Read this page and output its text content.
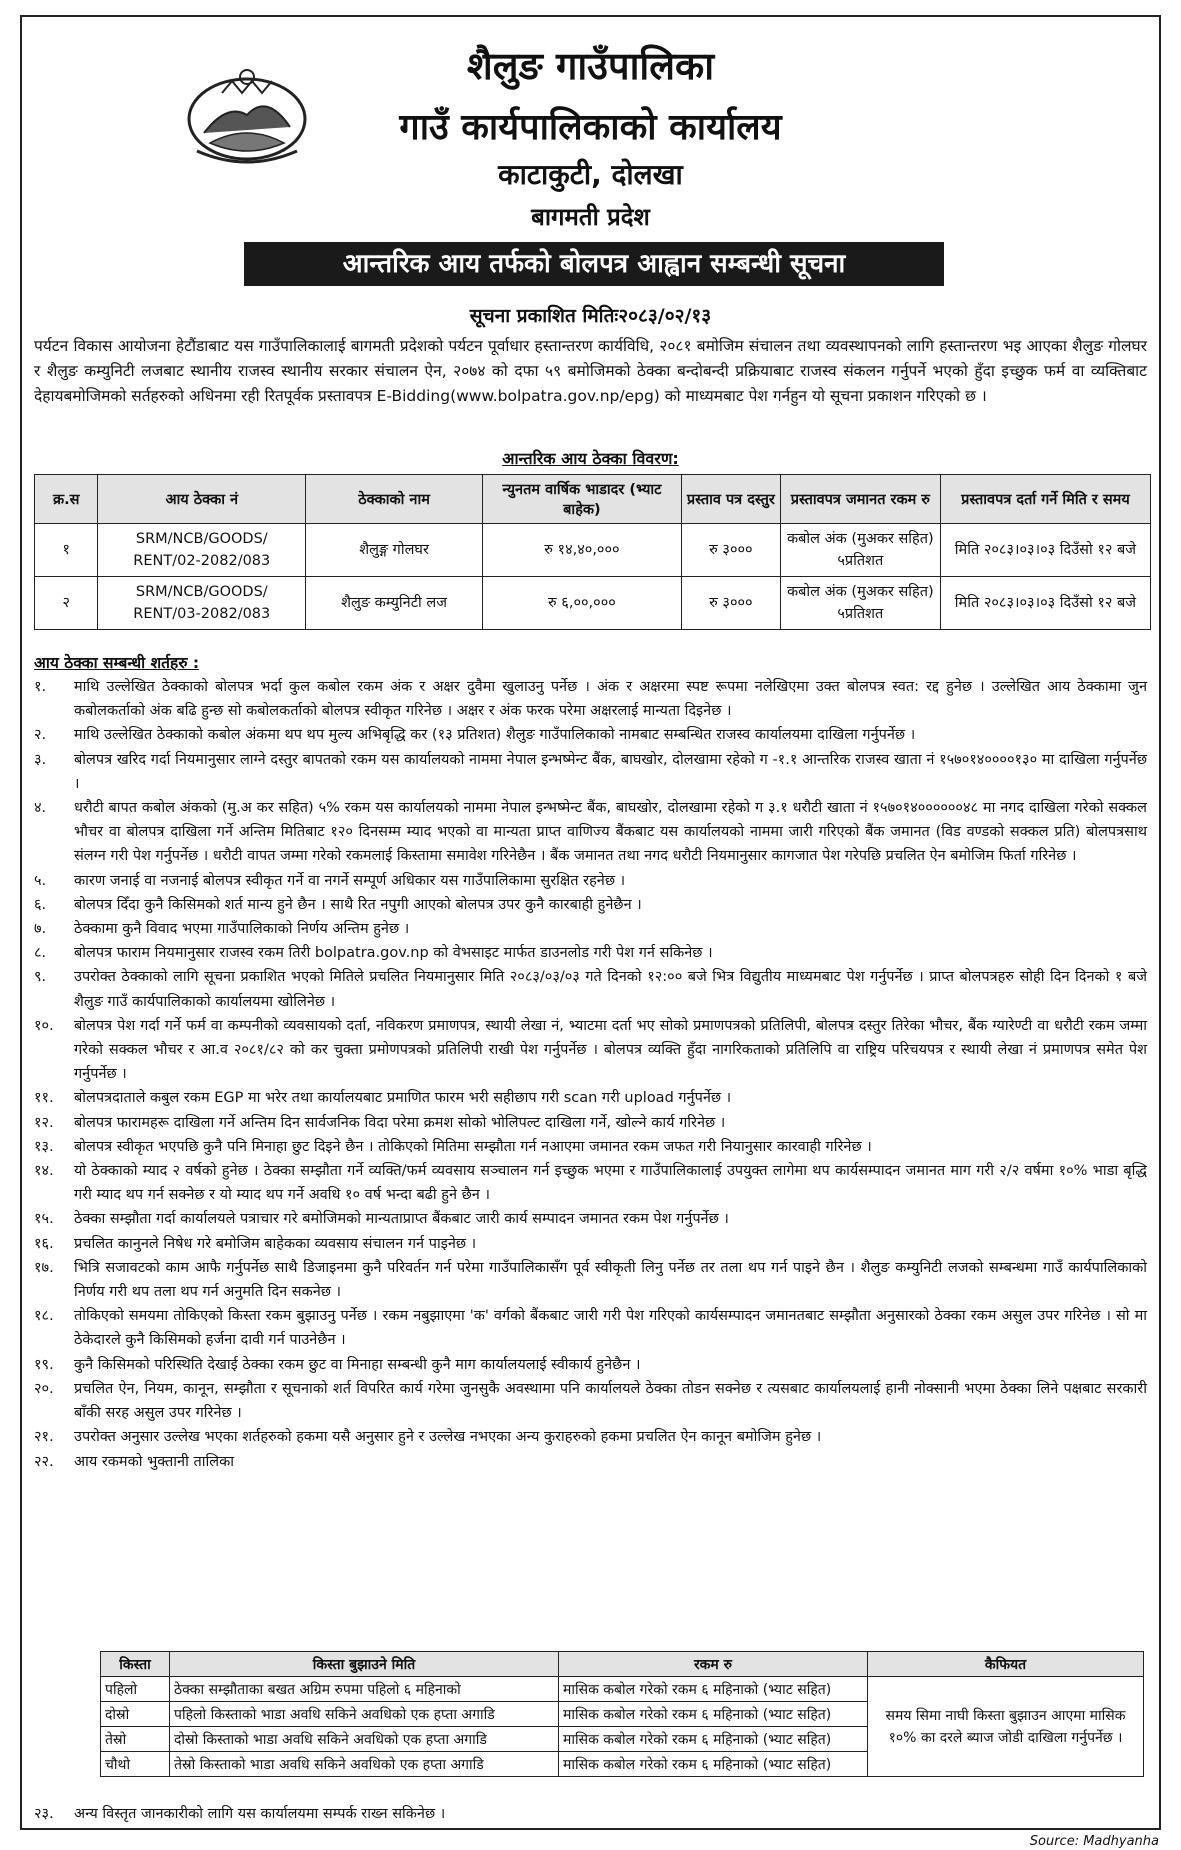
शैलुङ गाउँपालिका
गाउँ कार्यपालिकाको कार्यालय
काटाकुटी, दोलखा
बागमती प्रदेश
आन्तरिक आय तर्फको बोलपत्र आह्वान सम्बन्धी सूचना
सूचना प्रकाशित मितिः२०८३/०२/१३
पर्यटन विकास आयोजना हेटौंडाबाट यस गाउँपालिकालाई बागमती प्रदेशको पर्यटन पूर्वाधार हस्तान्तरण कार्यविधि, २०८१ बमोजिम संचालन तथा व्यवस्थापनको लागि हस्तान्तरण भइ आएका शैलुङ गोलघर र शैलुङ कम्युनिटी लजबाट स्थानीय राजस्व स्थानीय सरकार संचालन ऐन, २०७४ को दफा ५९ बमोजिमको ठेक्का बन्दोबन्दी प्रक्रियाबाट राजस्व संकलन गर्नुपर्ने भएको हुँदा इच्छुक फर्म वा व्यक्तिबाट देहायबमोजिमको सर्तहरुको अधिनमा रही रितपूर्वक प्रस्तावपत्र E-Bidding(www.bolpatra.gov.np/epg) को माध्यमबाट पेश गर्नहुन यो सूचना प्रकाशन गरिएको छ ।
आन्तरिक आय ठेक्का विवरण:
क्र.स	आय ठेक्का नं	ठेक्काको नाम	न्युनतम वार्षिक भाडादर (भ्याट बाहेक)	प्रस्ताव पत्र दस्तुर	प्रस्तावपत्र जमानत रकम रु	प्रस्तावपत्र दर्ता गर्ने मिति र समय
१	SRM/NCB/GOODS/ RENT/02-2082/083	शैलुङ्ग गोलघर	रु १४,४०,०००	रु ३०००	कबोल अंक (मुअकर सहित) ५प्रतिशत	मिति २०८३।०३।०३ दिउँसो १२ बजे
२	SRM/NCB/GOODS/ RENT/03-2082/083	शैलुङ कम्युनिटी लज	रु ६,००,०००	रु ३०००	कबोल अंक (मुअकर सहित) ५प्रतिशत	मिति २०८३।०३।०३ दिउँसो १२ बजे
आय ठेक्का सम्बन्धी शर्तहरु :
१.	माथि उल्लेखित ठेक्काको बोलपत्र भर्दा कुल कबोल रकम अंक र अक्षर दुवैमा खुलाउनु पर्नेछ । अंक र अक्षरमा स्पष्ट रूपमा नलेखिएमा उक्त बोलपत्र स्वत: रद्द हुनेछ । उल्लेखित आय ठेक्कामा जुन कबोलकर्ताको अंक बढि हुन्छ सो कबोलकर्ताको बोलपत्र स्वीकृत गरिनेछ । अक्षर र अंक फरक परेमा अक्षरलाई मान्यता दिइनेछ ।
२.	माथि उल्लेखित ठेक्काको कबोल अंकमा थप थप मुल्य अभिबृद्धि कर (१३ प्रतिशत) शैलुङ गाउँपालिकाको नामबाट सम्बन्धित राजस्व कार्यालयमा दाखिला गर्नुपर्नेछ ।
३.	बोलपत्र खरिद गर्दा नियमानुसार लाग्ने दस्तुर बापतको रकम यस कार्यालयको नाममा नेपाल इन्भष्मेन्ट बैंक, बाघखोर, दोलखामा रहेको ग -१.१ आन्तरिक राजस्व खाता नं १५७०१४००००१३० मा दाखिला गर्नुपर्नेछ ।
४.	धरौटी बापत कबोल अंकको (मु.अ कर सहित) ५% रकम यस कार्यालयको नाममा नेपाल इन्भष्मेन्ट बैंक, बाघखोर, दोलखामा रहेको ग ३.१ धरौटी खाता नं १५७०१४००००००४८ मा नगद दाखिला गरेको सक्कल भौचर वा बोलपत्र दाखिला गर्ने अन्तिम मितिबाट १२० दिनसम्म म्याद भएको वा मान्यता प्राप्त वाणिज्य बैंकबाट यस कार्यालयको नाममा जारी गरिएको बैंक जमानत (विड वण्डको सक्कल प्रति) बोलपत्रसाथ संलग्न गरी पेश गर्नुपर्नेछ । धरौटी वापत जम्मा गरेको रकमलाई किस्तामा समावेश गरिनेछैन । बैंक जमानत तथा नगद धरौटी नियमानुसार कागजात पेश गरेपछि प्रचलित ऐन बमोजिम फिर्ता गरिनेछ ।
५.	कारण जनाई वा नजनाई बोलपत्र स्वीकृत गर्ने वा नगर्ने सम्पूर्ण अधिकार यस गाउँपालिकामा सुरक्षित रहनेछ ।
६.	बोलपत्र दिँदा कुनै किसिमको शर्त मान्य हुने छैन । साथै रित नपुगी आएको बोलपत्र उपर कुनै कारबाही हुनेछैन ।
७.	ठेक्कामा कुनै विवाद भएमा गाउँपालिकाको निर्णय अन्तिम हुनेछ ।
८.	बोलपत्र फाराम नियमानुसार राजस्व रकम तिरी bolpatra.gov.np को वेभसाइट मार्फत डाउनलोड गरी पेश गर्न सकिनेछ ।
९.	उपरोक्त ठेक्काको लागि सूचना प्रकाशित भएको मितिले प्रचलित नियमानुसार मिति २०८३/०३/०३ गते दिनको १२:०० बजे भित्र विद्युतीय माध्यमबाट पेश गर्नुपर्नेछ । प्राप्त बोलपत्रहरु सोही दिन दिनको १ बजे शैलुङ गाउँ कार्यपालिकाको कार्यालयमा खोलिनेछ ।
१०.	बोलपत्र पेश गर्दा गर्ने फर्म वा कम्पनीको व्यवसायको दर्ता, नविकरण प्रमाणपत्र, स्थायी लेखा नं, भ्याटमा दर्ता भए सोको प्रमाणपत्रको प्रतिलिपी, बोलपत्र दस्तुर तिरेका भौचर, बैंक ग्यारेण्टी वा धरौटी रकम जम्मा गरेको सक्कल भौचर र आ.व २०८१/८२ को कर चुक्ता प्रमोणपत्रको प्रतिलिपी राखी पेश गर्नुपर्नेछ । बोलपत्र व्यक्ति हुँदा नागरिकताको प्रतिलिपि वा राष्ट्रिय परिचयपत्र र स्थायी लेखा नं प्रमाणपत्र समेत पेश गर्नुपर्नेछ ।
११.	बोलपत्रदाताले कबुल रकम EGP मा भरेर तथा कार्यालयबाट प्रमाणित फारम भरी सहीछाप गरी scan गरी upload गर्नुपर्नेछ ।
१२.	बोलपत्र फारामहरू दाखिला गर्ने अन्तिम दिन सार्वजनिक विदा परेमा क्रमश सोको भोलिपल्ट दाखिला गर्ने, खोल्ने कार्य गरिनेछ ।
१३.	बोलपत्र स्वीकृत भएपछि कुनै पनि मिनाहा छुट दिइने छैन । तोकिएको मितिमा सम्झौता गर्न नआएमा जमानत रकम जफत गरी नियानुसार कारवाही गरिनेछ ।
१४.	यो ठेक्काको म्याद २ वर्षको हुनेछ । ठेक्का सम्झौता गर्ने व्यक्ति/फर्म व्यवसाय सञ्चालन गर्न इच्छुक भएमा र गाउँपालिकालाई उपयुक्त लागेमा थप कार्यसम्पादन जमानत माग गरी २/२ वर्षमा १०% भाडा बृद्धि गरी म्याद थप गर्न सक्नेछ र यो म्याद थप गर्ने अवधि १० वर्ष भन्दा बढी हुने छैन ।
१५.	ठेक्का सम्झौता गर्दा कार्यालयले पत्राचार गरे बमोजिमको मान्यताप्राप्त बैंकबाट जारी कार्य सम्पादन जमानत रकम पेश गर्नुपर्नेछ ।
१६.	प्रचलित कानुनले निषेध गरे बमोजिम बाहेकका व्यवसाय संचालन गर्न पाइनेछ ।
१७.	भित्रि सजावटको काम आफै गर्नुपर्नेछ साथै डिजाइनमा कुनै परिवर्तन गर्न परेमा गाउँपालिकासँग पूर्व स्वीकृती लिनु पर्नेछ तर तला थप गर्न पाइने छैन । शैलुङ कम्युनिटी लजको सम्बन्धमा गाउँ कार्यपालिकाको निर्णय गरी थप तला थप गर्न अनुमति दिन सकनेछ ।
१८.	तोकिएको समयमा तोकिएको किस्ता रकम बुझाउनु पर्नेछ । रकम नबुझाएमा 'क' वर्गको बैंकबाट जारी गरी पेश गरिएको कार्यसम्पादन जमानतबाट सम्झौता अनुसारको ठेक्का रकम असुल उपर गरिनेछ । सो मा ठेकेदारले कुनै किसिमको हर्जना दावी गर्न पाउनेछैन ।
१९.	कुनै किसिमको परिस्थिति देखाई ठेक्का रकम छुट वा मिनाहा सम्बन्धी कुनै माग कार्यालयलाई स्वीकार्य हुनेछैन ।
२०.	प्रचलित ऐन, नियम, कानून, सम्झौता र सूचनाको शर्त विपरित कार्य गरेमा जुनसुकै अवस्थामा पनि कार्यालयले ठेक्का तोडन सक्नेछ र त्यसबाट कार्यालयलाई हानी नोक्सानी भएमा ठेक्का लिने पक्षबाट सरकारी बाँकी सरह असुल उपर गरिनेछ ।
२१.	उपरोक्त अनुसार उल्लेख भएका शर्तहरुको हकमा यसै अनुसार हुने र उल्लेख नभएका अन्य कुराहरुको हकमा प्रचलित ऐन कानून बमोजिम हुनेछ ।
२२.	आय रकमको भुक्तानी तालिका
किस्ता	किस्ता बुझाउने मिति	रकम रु	कैफियत
पहिलो	ठेक्का सम्झौताका बखत अग्रिम रुपमा पहिलो ६ महिनाको	मासिक कबोल गरेको रकम ६ महिनाको (भ्याट सहित)	समय सिमा नाघी किस्ता बुझाउन आएमा मासिक १०% का दरले ब्याज जोडी दाखिला गर्नुपर्नेछ ।
दोस्रो	पहिलो किस्ताको भाडा अवधि सकिने अवधिको एक हप्ता अगाडि	मासिक कबोल गरेको रकम ६ महिनाको (भ्याट सहित)	
तेस्रो	दोस्रो किस्ताको भाडा अवधि सकिने अवधिको एक हप्ता अगाडि	मासिक कबोल गरेको रकम ६ महिनाको (भ्याट सहित)	
चौथो	तेस्रो किस्ताको भाडा अवधि सकिने अवधिको एक हप्ता अगाडि	मासिक कबोल गरेको रकम ६ महिनाको (भ्याट सहित)	
२३.	अन्य विस्तृत जानकारीको लागि यस कार्यालयमा सम्पर्क राख्न सकिनेछ ।
Source: Madhyanha
